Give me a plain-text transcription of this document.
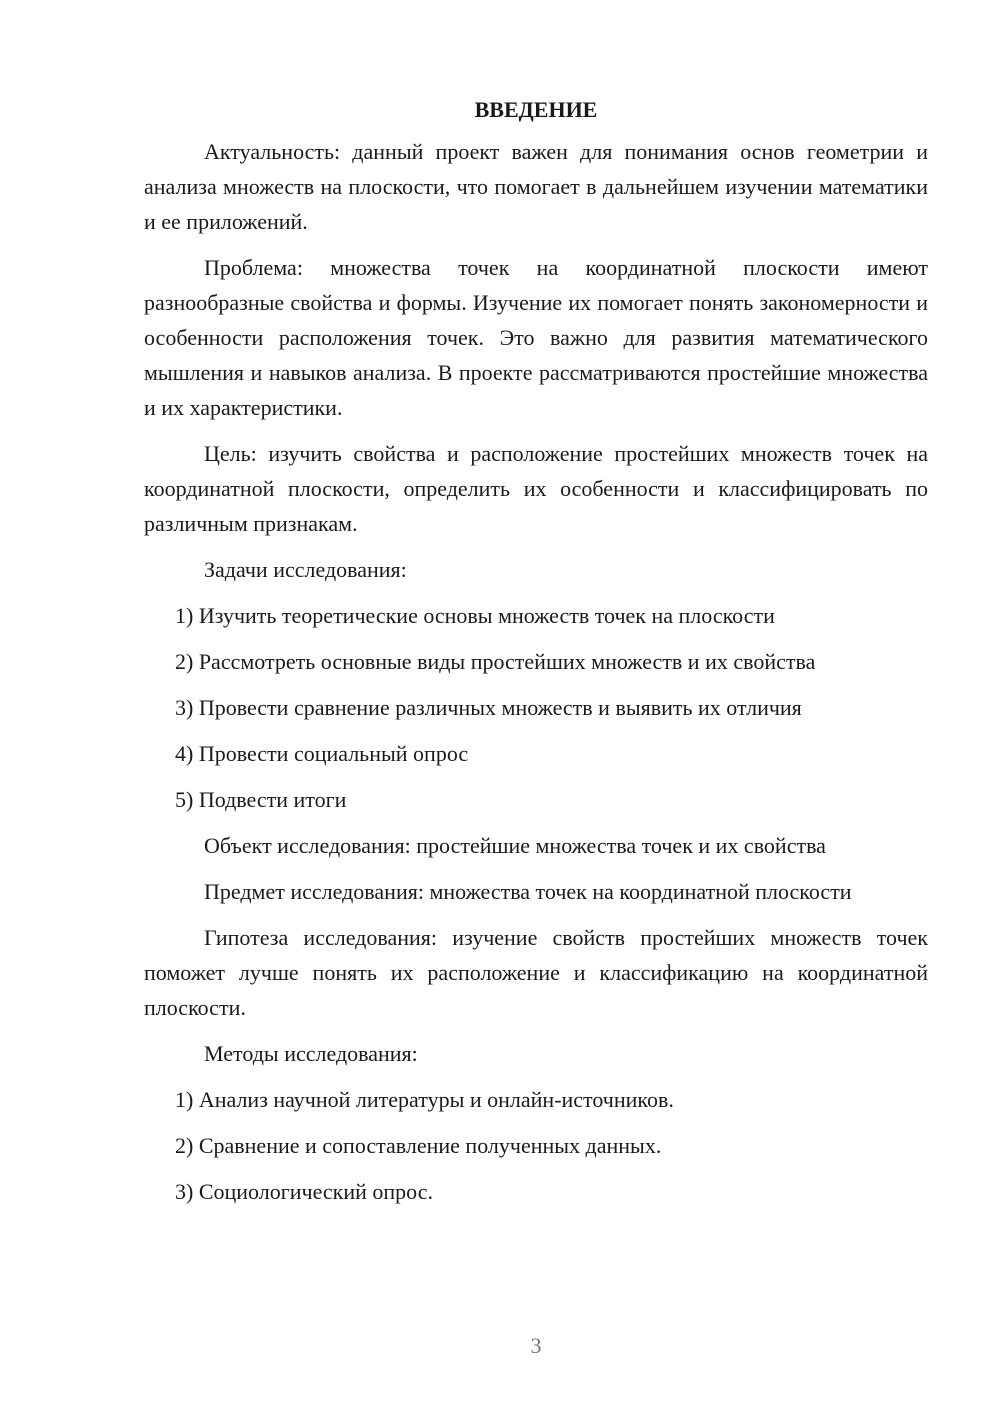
ВВЕДЕНИЕ

Актуальность: данный проект важен для понимания основ геометрии и анализа множеств на плоскости, что помогает в дальнейшем изучении математики и ее приложений.

Проблема: множества точек на координатной плоскости имеют разнообразные свойства и формы. Изучение их помогает понять закономерности и особенности расположения точек. Это важно для развития математического мышления и навыков анализа. В проекте рассматриваются простейшие множества и их характеристики.

Цель: изучить свойства и расположение простейших множеств точек на координатной плоскости, определить их особенности и классифицировать по различным признакам.

Задачи исследования:
1) Изучить теоретические основы множеств точек на плоскости
2) Рассмотреть основные виды простейших множеств и их свойства
3) Провести сравнение различных множеств и выявить их отличия
4) Провести социальный опрос
5) Подвести итоги
Объект исследования: простейшие множества точек и их свойства

Предмет исследования: множества точек на координатной плоскости

Гипотеза исследования: изучение свойств простейших множеств точек поможет лучше понять их расположение и классификацию на координатной плоскости.

Методы исследования:
1) Анализ научной литературы и онлайн-источников.
2) Сравнение и сопоставление полученных данных.
3) Социологический опрос.
3
